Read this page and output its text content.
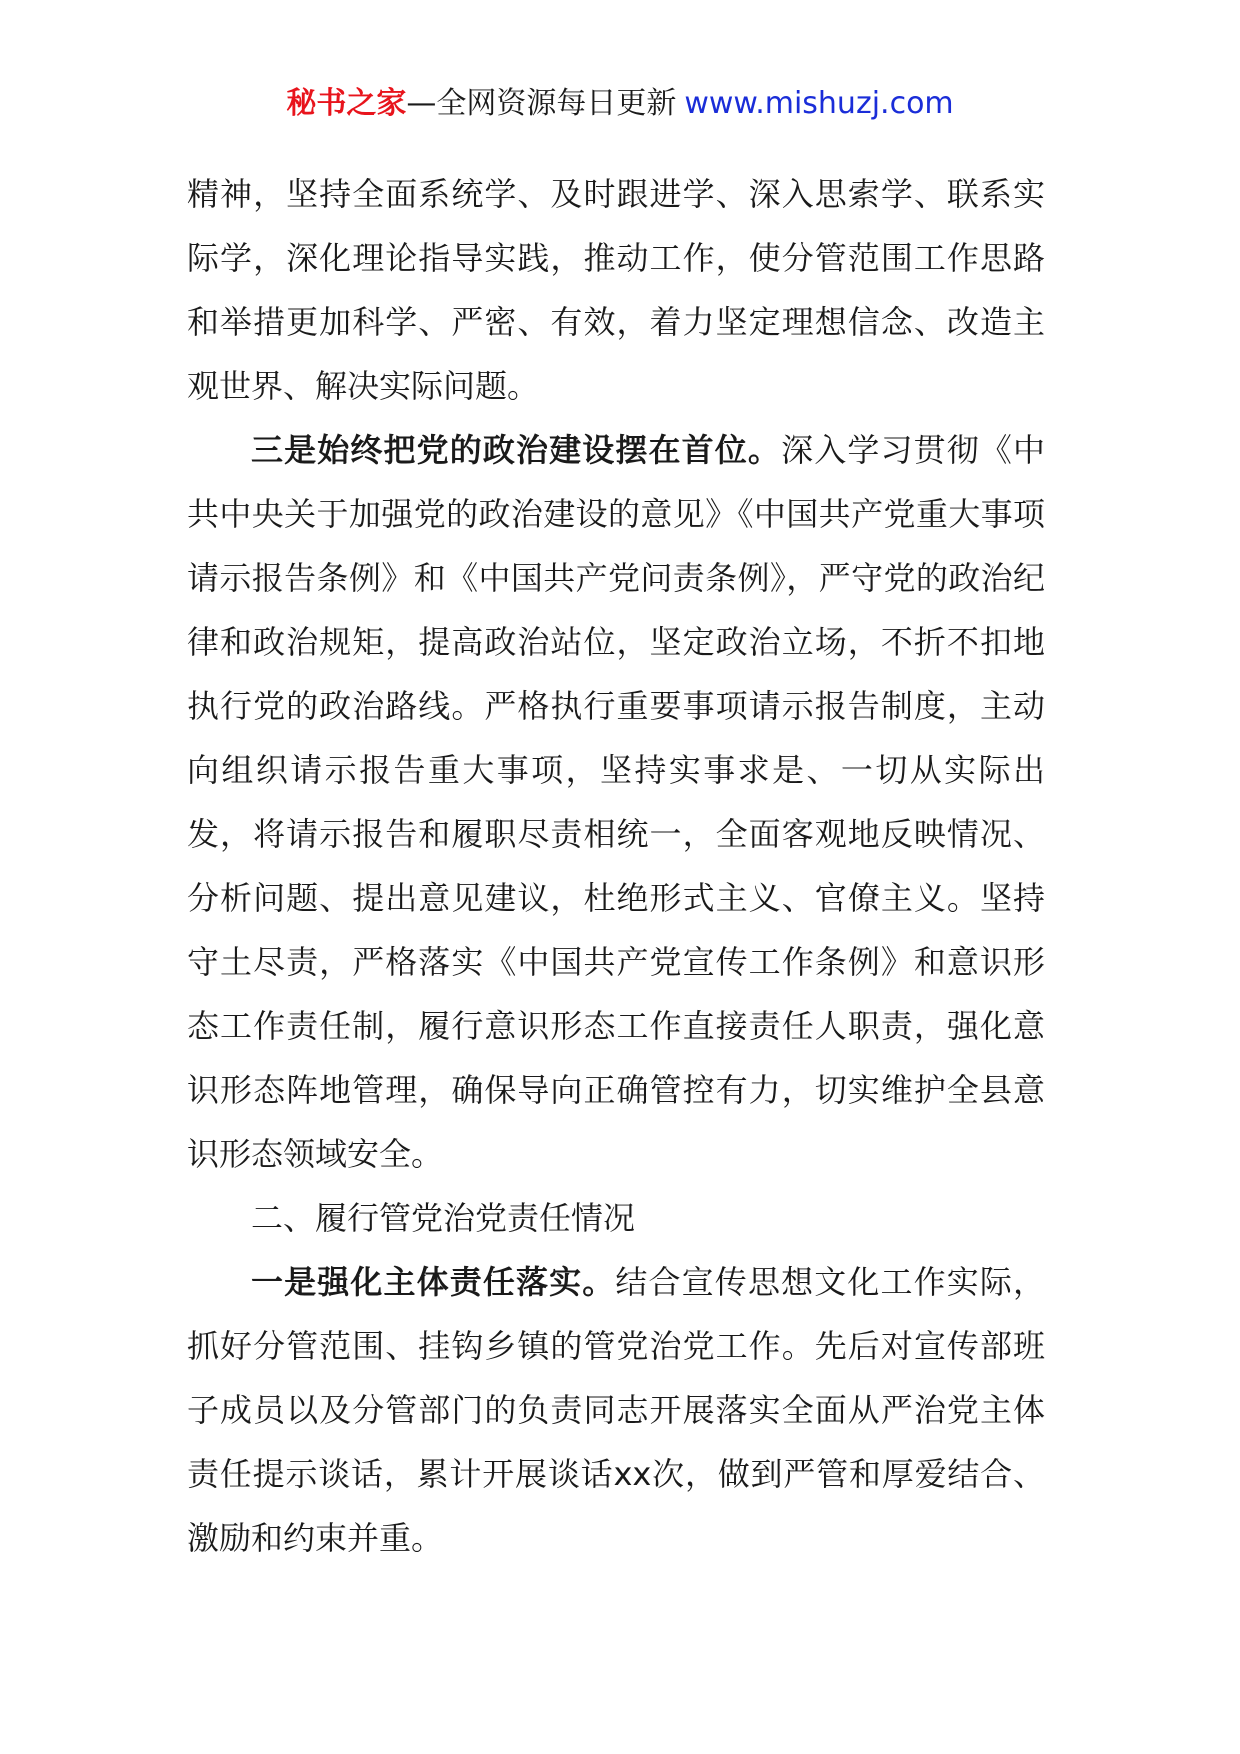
秘书之家—全网资源每日更新 www.mishuzj.com

精神，坚持全面系统学、及时跟进学、深入思索学、联系实际学，深化理论指导实践，推动工作，使分管范围工作思路和举措更加科学、严密、有效，着力坚定理想信念、改造主观世界、解决实际问题。

三是始终把党的政治建设摆在首位。深入学习贯彻《中共中央关于加强党的政治建设的意见》《中国共产党重大事项请示报告条例》和《中国共产党问责条例》，严守党的政治纪律和政治规矩，提高政治站位，坚定政治立场，不折不扣地执行党的政治路线。严格执行重要事项请示报告制度，主动向组织请示报告重大事项，坚持实事求是、一切从实际出发，将请示报告和履职尽责相统一，全面客观地反映情况、分析问题、提出意见建议，杜绝形式主义、官僚主义。坚持守土尽责，严格落实《中国共产党宣传工作条例》和意识形态工作责任制，履行意识形态工作直接责任人职责，强化意识形态阵地管理，确保导向正确管控有力，切实维护全县意识形态领域安全。

二、履行管党治党责任情况

一是强化主体责任落实。结合宣传思想文化工作实际，抓好分管范围、挂钩乡镇的管党治党工作。先后对宣传部班子成员以及分管部门的负责同志开展落实全面从严治党主体责任提示谈话，累计开展谈话xx次，做到严管和厚爱结合、激励和约束并重。
